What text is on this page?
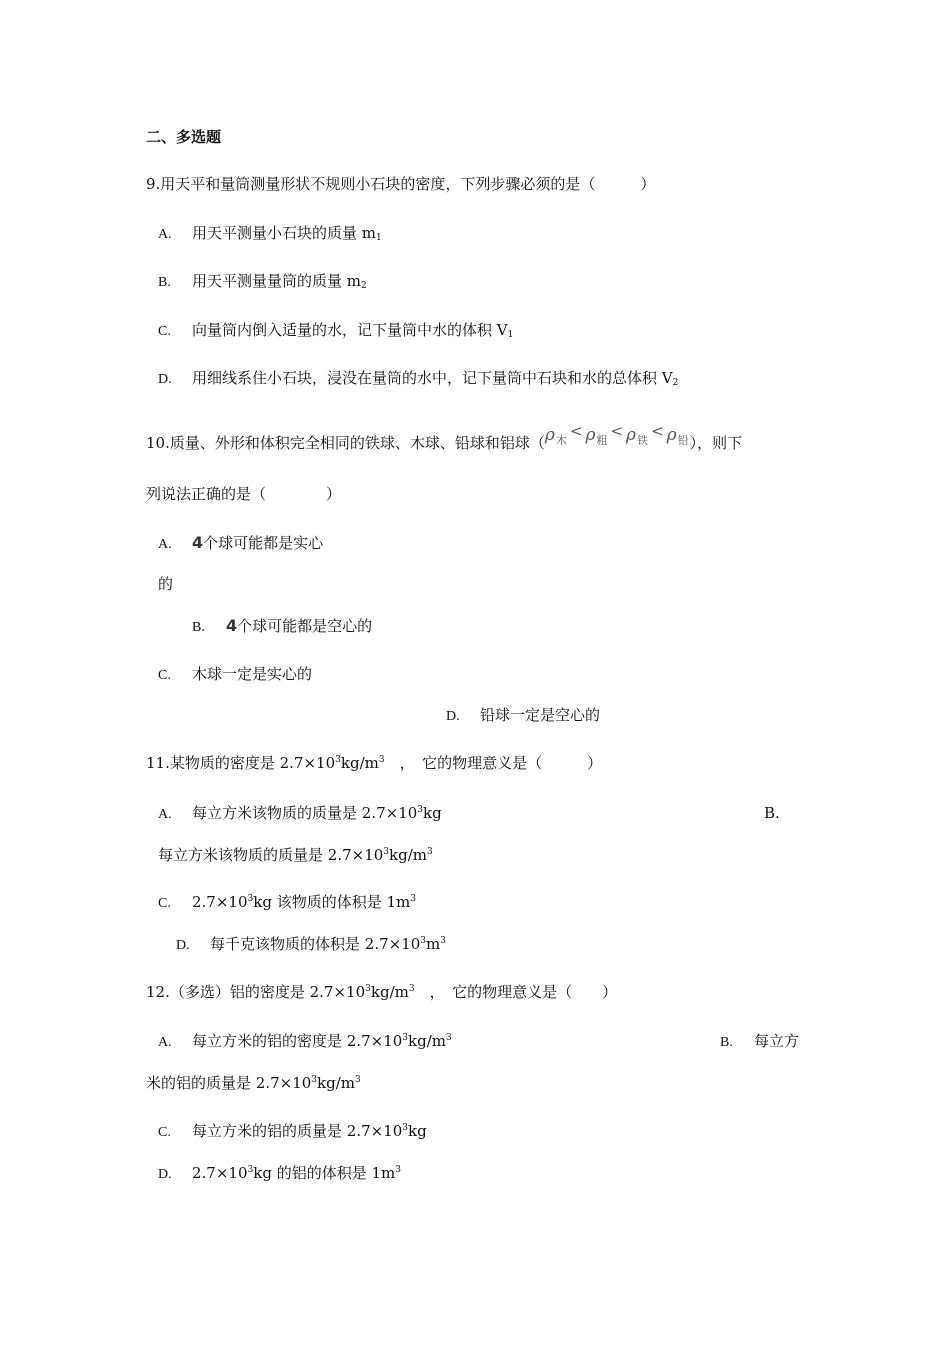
二、多选题
9.用天平和量筒测量形状不规则小石块的密度，下列步骤必须的是（　　　）
A. 用天平测量小石块的质量 $m_1$
B. 用天平测量量筒的质量 $m_2$
C. 向量筒内倒入适量的水，记下量筒中水的体积 $V_1$
D. 用细线系住小石块，浸没在量筒的水中，记下量筒中石块和水的总体积 $V_2$
10.质量、外形和体积完全相同的铁球、木球、铅球和铝球$(\rho_木< \rho_粗< \rho_铁< \rho_铅)$，则下
列说法正确的是（　　　　）
A. 4个球可能都是实心
的
B. 4个球可能都是空心的
C. 木球一定是实心的
D. 铅球一定是空心的
11.某物质的密度是 $2.7\times 10^3kg/m^3$　，　它的物理意义是（　　　）
A. 每立方米该物质的质量是 $2.7\times 10^3kg$	B.
每立方米该物质的质量是 $2.7\times 10^3kg/m^3$
C. $2.7\times 10^3kg$ 该物质的体积是 $1m^3$
D. 每千克该物质的体积是 $2.7\times 10^3m^3$
12.（多选）铝的密度是 $2.7\times 10^3kg/m^3$　，　它的物理意义是（　　）
A. 每立方米的铝的密度是 $2.7\times 10^3kg/m^3$	B. 每立方
米的铝的质量是 $2.7\times 10^3kg/m^3$
C. 每立方米的铝的质量是 $2.7\times 10^3kg$
D. $2.7\times 10^3kg$ 的铝的体积是 $1m^3$
